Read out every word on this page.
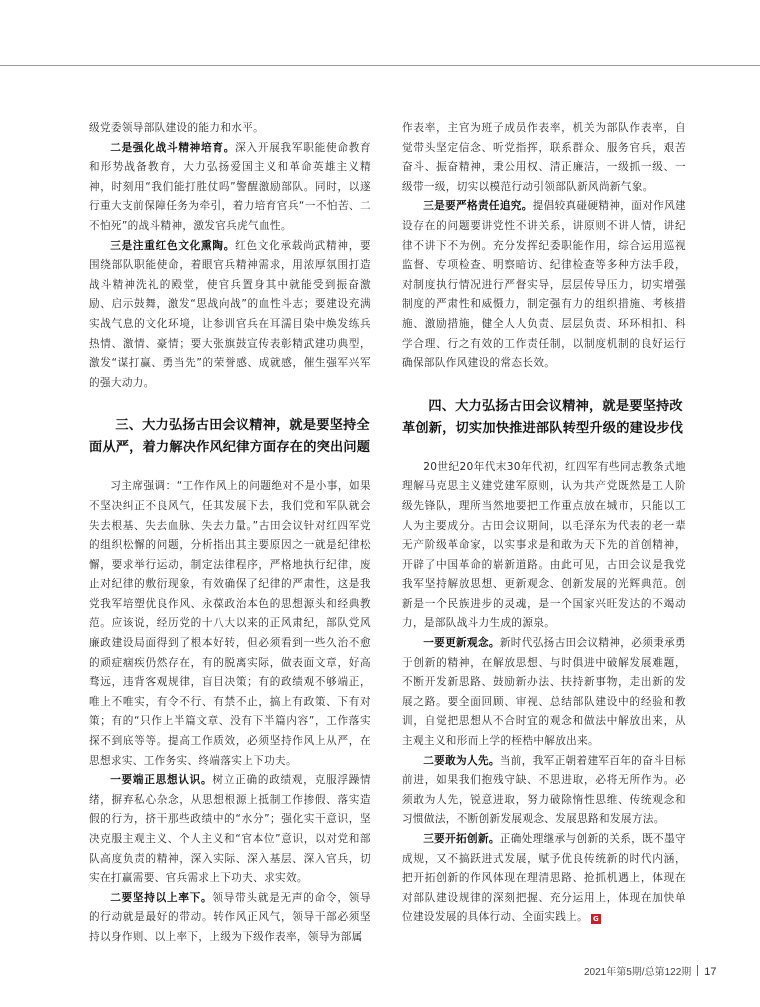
级党委领导部队建设的能力和水平。

二是强化战斗精神培育。深入开展我军职能使命教育和形势战备教育，大力弘扬爱国主义和革命英雄主义精神，时刻用“我们能打胜仗吗”警醒激励部队。同时，以遂行重大支前保障任务为牵引，着力培育官兵“一不怕苦、二不怕死”的战斗精神，激发官兵虎气血性。

三是注重红色文化熏陶。红色文化承载尚武精神，要围绕部队职能使命，着眼官兵精神需求，用浓厚氛围打造战斗精神洗礼的殿堂，使官兵置身其中就能受到振奋激励、启示鼓舞，激发“思战向战”的血性斗志；要建设充满实战气息的文化环境，让参训官兵在耳濡目染中焕发练兵热情、激情、豪情；要大张旗鼓宣传表彰精武建功典型，激发“谋打赢、勇当先”的荣誉感、成就感，催生强军兴军的强大动力。

三、大力弘扬古田会议精神，就是要坚持全面从严，着力解决作风纪律方面存在的突出问题

习主席强调：“工作作风上的问题绝对不是小事，如果不坚决纠正不良风气，任其发展下去，我们党和军队就会失去根基、失去血脉、失去力量。”古田会议针对红四军党的组织松懈的问题，分析指出其主要原因之一就是纪律松懈，要求举行运动，制定法律程序，严格地执行纪律，废止对纪律的敷衍现象，有效确保了纪律的严肃性，这是我党我军培塑优良作风、永葆政治本色的思想源头和经典教范。应该说，经历党的十八大以来的正风肃纪，部队党风廉政建设局面得到了根本好转，但必须看到一些久治不愈的顽症痼疾仍然存在，有的脱离实际，做表面文章，好高骛远，违背客观规律，盲目决策；有的政绩观不够端正，唯上不唯实，有令不行、有禁不止，搞上有政策、下有对策；有的“只作上半篇文章、没有下半篇内容”，工作落实探不到底等等。提高工作质效，必须坚持作风上从严，在思想求实、工作务实、终端落实上下功夫。

一要端正思想认识。树立正确的政绩观，克服浮躁情绪，摒弃私心杂念，从思想根源上抵制工作掺假、落实造假的行为，挤干那些政绩中的“水分”；强化实干意识，坚决克服主观主义、个人主义和“官本位”意识，以对党和部队高度负责的精神，深入实际、深入基层、深入官兵，切实在打赢需要、官兵需求上下功夫、求实效。

二要坚持以上率下。领导带头就是无声的命令，领导的行动就是最好的带动。转作风正风气，领导干部必须坚持以身作则、以上率下，上级为下级作表率，领导为部属

作表率，主官为班子成员作表率，机关为部队作表率，自觉带头坚定信念、听党指挥，联系群众、服务官兵，艰苦奋斗、振奋精神，秉公用权、清正廉洁，一级抓一级、一级带一级，切实以模范行动引领部队新风尚新气象。

三是要严格责任追究。提倡较真碰硬精神，面对作风建设存在的问题要讲党性不讲关系，讲原则不讲人情，讲纪律不讲下不为例。充分发挥纪委职能作用，综合运用巡视监督、专项检查、明察暗访、纪律检查等多种方法手段，对制度执行情况进行严督实导，层层传导压力，切实增强制度的严肃性和威慑力，制定强有力的组织措施、考核措施、激励措施，健全人人负责、层层负责、环环相扣、科学合理、行之有效的工作责任制，以制度机制的良好运行确保部队作风建设的常态长效。

四、大力弘扬古田会议精神，就是要坚持改革创新，切实加快推进部队转型升级的建设步伐

20世纪20年代末30年代初，红四军有些同志教条式地理解马克思主义建党建军原则，认为共产党既然是工人阶级先锋队，理所当然地要把工作重点放在城市，只能以工人为主要成分。古田会议期间，以毛泽东为代表的老一辈无产阶级革命家，以实事求是和敢为天下先的首创精神，开辟了中国革命的崭新道路。由此可见，古田会议是我党我军坚持解放思想、更新观念、创新发展的光辉典范。创新是一个民族进步的灵魂，是一个国家兴旺发达的不竭动力，是部队战斗力生成的源泉。

一要更新观念。新时代弘扬古田会议精神，必须秉承勇于创新的精神，在解放思想、与时俱进中破解发展难题，不断开发新思路、鼓励新办法、扶持新事物，走出新的发展之路。要全面回顾、审视、总结部队建设中的经验和教训，自觉把思想从不合时宜的观念和做法中解放出来，从主观主义和形而上学的桎梏中解放出来。

二要敢为人先。当前，我军正朝着建军百年的奋斗目标前进，如果我们抱残守缺、不思进取，必将无所作为。必须敢为人先，锐意进取，努力破除惰性思维、传统观念和习惯做法，不断创新发展观念、发展思路和发展方法。

三要开拓创新。正确处理继承与创新的关系，既不墨守成规，又不搞跃进式发展，赋予优良传统新的时代内涵，把开拓创新的作风体现在理清思路、抢抓机遇上，体现在对部队建设规律的深刻把握、充分运用上，体现在加快单位建设发展的具体行动、全面实践上。 G

2021年第5期/总第122期 17
